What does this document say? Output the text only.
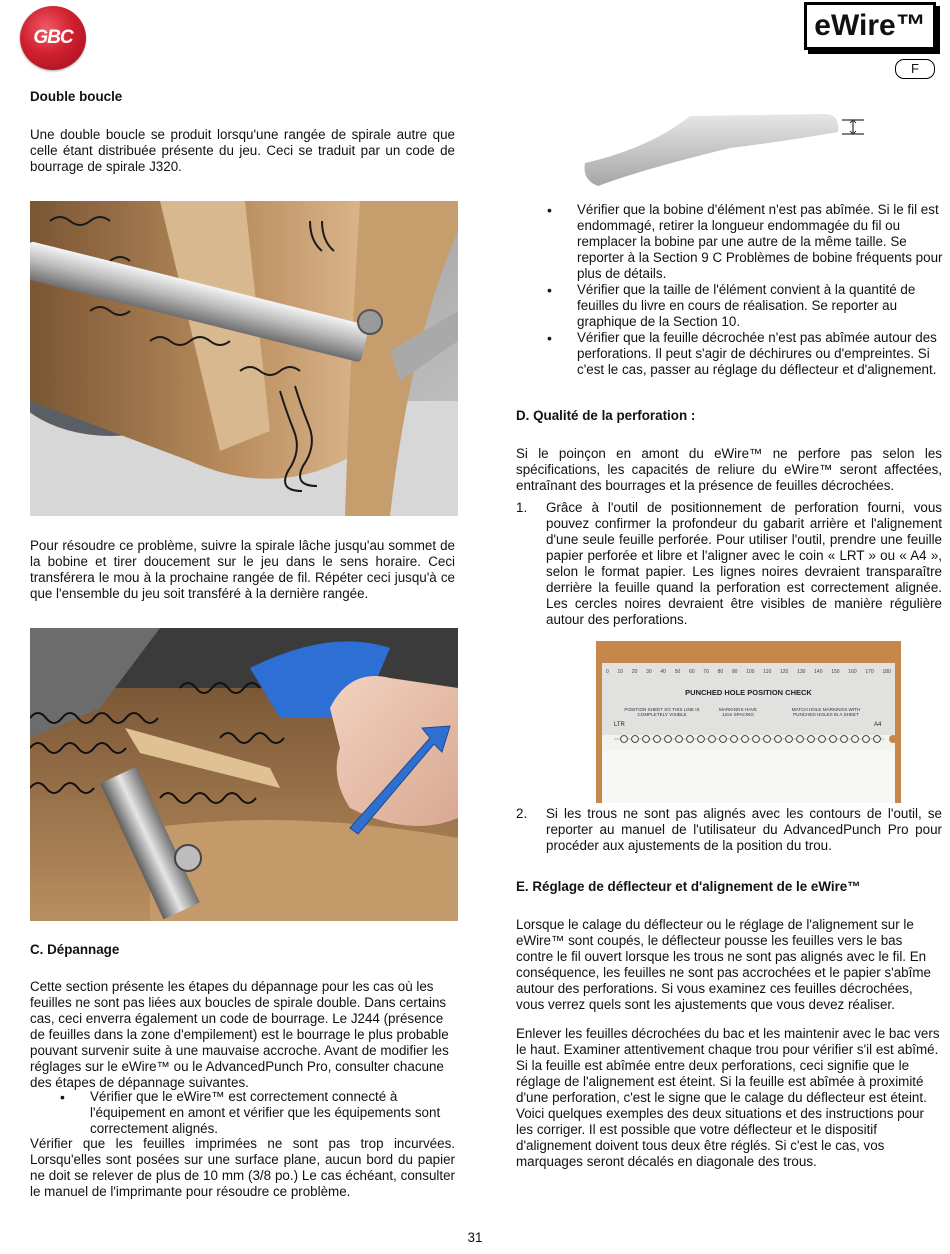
GBC	eWire™
F
Double boucle

Une double boucle se produit lorsqu'une rangée de spirale autre que celle étant distribuée présente du jeu. Ceci se traduit par un code de bourrage de spirale J320.

Pour résoudre ce problème, suivre la spirale lâche jusqu'au sommet de la bobine et tirer doucement sur le jeu dans le sens horaire. Ceci transférera le mou à la prochaine rangée de fil. Répéter ceci jusqu'à ce que l'ensemble du jeu soit transféré à la dernière rangée.

C. Dépannage

Cette section présente les étapes du dépannage pour les cas où les feuilles ne sont pas liées aux boucles de spirale double. Dans certains cas, ceci enverra également un code de bourrage. Le J244 (présence de feuilles dans la zone d'empilement) est le bourrage le plus probable pouvant survenir suite à une mauvaise accroche. Avant de modifier les réglages sur le eWire™ ou le AdvancedPunch Pro, consulter chacune des étapes de dépannage suivantes.

• Vérifier que le eWire™ est correctement connecté à l'équipement en amont et vérifier que les équipements sont correctement alignés.

Vérifier que les feuilles imprimées ne sont pas trop incurvées. Lorsqu'elles sont posées sur une surface plane, aucun bord du papier ne doit se relever de plus de 10 mm (3/8 po.) Le cas échéant, consulter le manuel de l'imprimante pour résoudre ce problème.

• Vérifier que la bobine d'élément n'est pas abîmée. Si le fil est endommagé, retirer la longueur endommagée du fil ou remplacer la bobine par une autre de la même taille. Se reporter à la Section 9 C Problèmes de bobine fréquents pour plus de détails.
• Vérifier que la taille de l'élément convient à la quantité de feuilles du livre en cours de réalisation. Se reporter au graphique de la Section 10.
• Vérifier que la feuille décrochée n'est pas abîmée autour des perforations. Il peut s'agir de déchirures ou d'empreintes. Si c'est le cas, passer au réglage du déflecteur et d'alignement.
D. Qualité de la perforation :

Si le poinçon en amont du eWire™ ne perfore pas selon les spécifications, les capacités de reliure du eWire™ seront affectées, entraînant des bourrages et la présence de feuilles décrochées.

1. Grâce à l'outil de positionnement de perforation fourni, vous pouvez confirmer la profondeur du gabarit arrière et l'alignement d'une seule feuille perforée. Pour utiliser l'outil, prendre une feuille papier perforée et libre et l'aligner avec le coin « LRT » ou « A4 », selon le format papier. Les lignes noires devraient transparaître derrière la feuille quand la perforation est correctement alignée. Les cercles noires devraient être visibles de manière régulière autour des perforations.
0 10 20 30 40 50 60 70 80 90 100 110 120 130 140 150 160 170 180
PUNCHED HOLE POSITION CHECK
POSITION SHEET SO THIS LINE IS COMPLETELY VISIBLE
MARKINGS HAVE 1mm SPACING
MATCH HOLE MARKINGS WITH PUNCHED HOLES IN A SHEET
LTR	A4
2. Si les trous ne sont pas alignés avec les contours de l'outil, se reporter au manuel de l'utilisateur du AdvancedPunch Pro pour procéder aux ajustements de la position du trou.
E. Réglage de déflecteur et d'alignement de le eWire™

Lorsque le calage du déflecteur ou le réglage de l'alignement sur le eWire™ sont coupés, le déflecteur pousse les feuilles vers le bas contre le fil ouvert lorsque les trous ne sont pas alignés avec le fil. En conséquence, les feuilles ne sont pas accrochées et le papier s'abîme autour des perforations. Si vous examinez ces feuilles décrochées, vous verrez quels sont les ajustements que vous devez réaliser.

Enlever les feuilles décrochées du bac et les maintenir avec le bac vers le haut. Examiner attentivement chaque trou pour vérifier s'il est abîmé. Si la feuille est abîmée entre deux perforations, ceci signifie que le réglage de l'alignement est éteint. Si la feuille est abîmée à proximité d'une perforation, c'est le signe que le calage du déflecteur est éteint. Voici quelques exemples des deux situations et des instructions pour les corriger. Il est possible que votre déflecteur et le dispositif d'alignement doivent tous deux être réglés. Si c'est le cas, vos marquages seront décalés en diagonale des trous.

31
